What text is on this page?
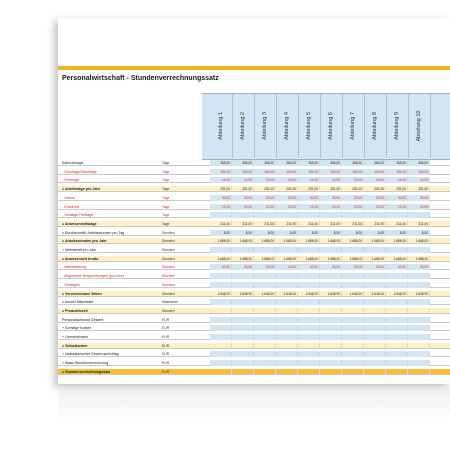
Personalwirtschaft - Stundenverrechnungssatz
Abteilung 1	Abteilung 2	Abteilung 3	Abteilung 4	Abteilung 5	Abteilung 6	Abteilung 7	Abteilung 8	Abteilung 9	Abteilung 10
Kalendertage	Tage	365,00	365,00	365,00	365,00	365,00	365,00	365,00	365,00	365,00	365,00
- Sonntage/Samstage	Tage	104,00	104,00	104,00	104,00	104,00	104,00	104,00	104,00	104,00	104,00
- Feiertage	Tage	10,00	10,00	10,00	10,00	10,00	10,00	10,00	10,00	10,00	10,00
= Arbeitstage pro Jahr	Tage	251,00	251,00	251,00	251,00	251,00	251,00	251,00	251,00	251,00	251,00
- Urlaub	Tage	30,00	30,00	30,00	30,00	30,00	30,00	30,00	30,00	30,00	30,00
- Krankheit	Tage	10,00	10,00	10,00	10,00	10,00	10,00	10,00	10,00	10,00	10,00
- Sonstige Fehltage	Tage
= Anwesenheitstage	Tage	211,00	211,00	211,00	211,00	211,00	211,00	211,00	211,00	211,00	211,00
x Durchschnittl. Arbeitsstunden pro Tag	Stunden	8,00	8,00	8,00	8,00	8,00	8,00	8,00	8,00	8,00	8,00
= Arbeitsstunden pro Jahr	Stunden	1.688,00	1.688,00	1.688,00	1.688,00	1.688,00	1.688,00	1.688,00	1.688,00	1.688,00	1.688,00
+ Mehrarbeit pro Jahr	Stunden
= Anwesenheit brutto	Stunden	1.688,00	1.688,00	1.688,00	1.688,00	1.688,00	1.688,00	1.688,00	1.688,00	1.688,00	1.688,00
- Weiterbildung	Stunden	40,00	40,00	40,00	40,00	40,00	40,00	40,00	40,00	40,00	40,00
- Allgemeine Besprechungen (jour fixe)	Stunden
- Sonstiges	Stunden
= Verrechenbare Zeiten	Stunden	1.648,00	1.648,00	1.648,00	1.648,00	1.648,00	1.648,00	1.648,00	1.648,00	1.648,00	1.648,00
x Anzahl Mitarbeiter	Mitarbeiter
= Produktivzeit	Stunden
Personalaufwand Gesamt	EUR
+ Sonstige Kosten	EUR
+ Gemeinkosten	EUR
= Selbstkosten	EUR
+ kalkulatorischer Gewinnaufschlag	EUR
= Basis Stundenverrechnung	EUR
= Stundenverrechnungssatz	EUR
